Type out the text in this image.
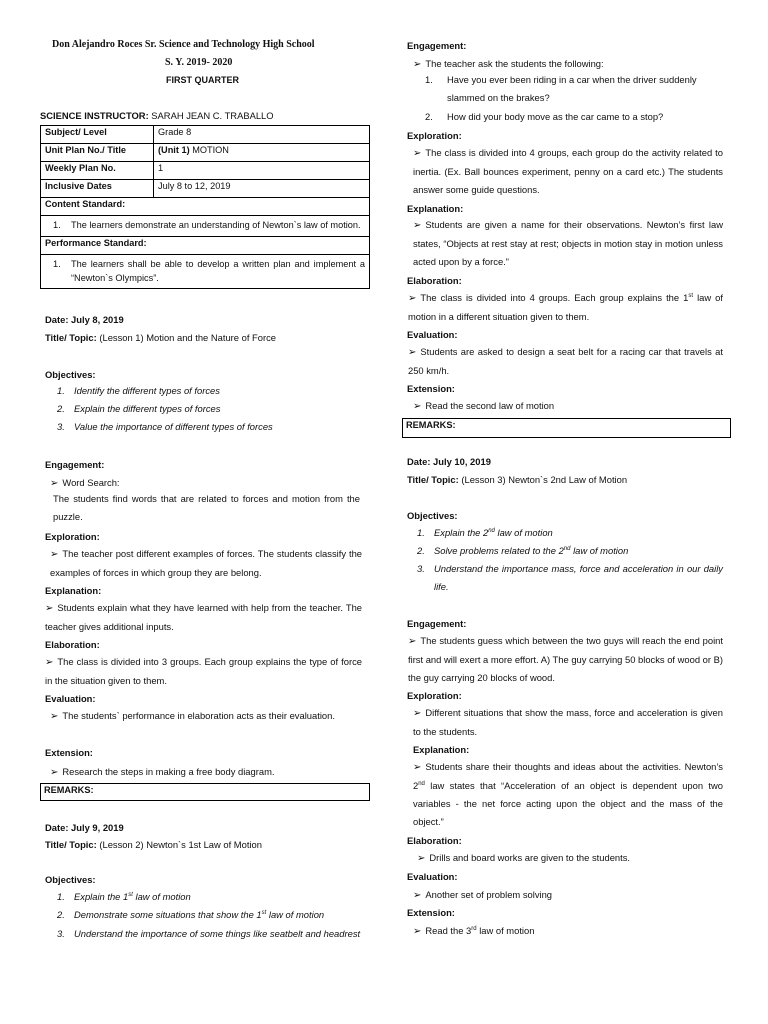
Don Alejandro Roces Sr. Science and Technology High School
S. Y. 2019- 2020
FIRST QUARTER
SCIENCE INSTRUCTOR: SARAH JEAN C. TRABALLO
Subject/ Level	Grade 8
Unit Plan No./ Title	(Unit 1) MOTION
Weekly Plan No.	1
Inclusive Dates	July 8 to 12, 2019
Content Standard:	

1. The learners demonstrate an understanding of Newton`s law of motion.	

Performance Standard:	

1. The learners shall be able to develop a written plan and implement a “Newton`s Olympics”.	
Date: July 8, 2019
Title/ Topic: (Lesson 1) Motion and the Nature of Force
Objectives:
1. Identify the different types of forces
2. Explain the different types of forces
3. Value the importance of different types of forces
Engagement:
➢ Word Search:
The students find words that are related to forces and motion from the puzzle.
Exploration:
➢ The teacher post different examples of forces. The students classify the examples of forces in which group they are belong.
Explanation:
➢ Students explain what they have learned with help from the teacher. The teacher gives additional inputs.
Elaboration:
➢ The class is divided into 3 groups. Each group explains the type of force in the situation given to them.
Evaluation:
➢ The students` performance in elaboration acts as their evaluation.
Extension:
➢ Research the steps in making a free body diagram.
REMARKS:
Date: July 9, 2019
Title/ Topic: (Lesson 2) Newton`s 1st Law of Motion
Objectives:
1. Explain the 1st law of motion
2. Demonstrate some situations that show the 1st law of motion
3. Understand the importance of some things like seatbelt and headrest
Engagement:
➢ The teacher ask the students the following:
1. Have you ever been riding in a car when the driver suddenly slammed on the brakes?
2. How did your body move as the car came to a stop?
Exploration:
➢ The class is divided into 4 groups, each group do the activity related to inertia. (Ex. Ball bounces experiment, penny on a card etc.) The students answer some guide questions.
Explanation:
➢ Students are given a name for their observations. Newton’s first law states, “Objects at rest stay at rest; objects in motion stay in motion unless acted upon by a force.”
Elaboration:
➢ The class is divided into 4 groups. Each group explains the 1st law of motion in a different situation given to them.
Evaluation:
➢ Students are asked to design a seat belt for a racing car that travels at 250 km/h.
Extension:
➢ Read the second law of motion
REMARKS:
Date: July 10, 2019
Title/ Topic: (Lesson 3) Newton`s 2nd Law of Motion
Objectives:
1. Explain the 2nd law of motion
2. Solve problems related to the 2nd law of motion
3. Understand the importance mass, force and acceleration in our daily life.
Engagement:
➢ The students guess which between the two guys will reach the end point first and will exert a more effort. A) The guy carrying 50 blocks of wood or B) the guy carrying 20 blocks of wood.
Exploration:
➢ Different situations that show the mass, force and acceleration is given to the students.
Explanation:
➢ Students share their thoughts and ideas about the activities. Newton’s 2nd law states that “Acceleration of an object is dependent upon two variables - the net force acting upon the object and the mass of the object.”
Elaboration:
➢ Drills and board works are given to the students.
Evaluation:
➢ Another set of problem solving
Extension:
➢ Read the 3rd law of motion
